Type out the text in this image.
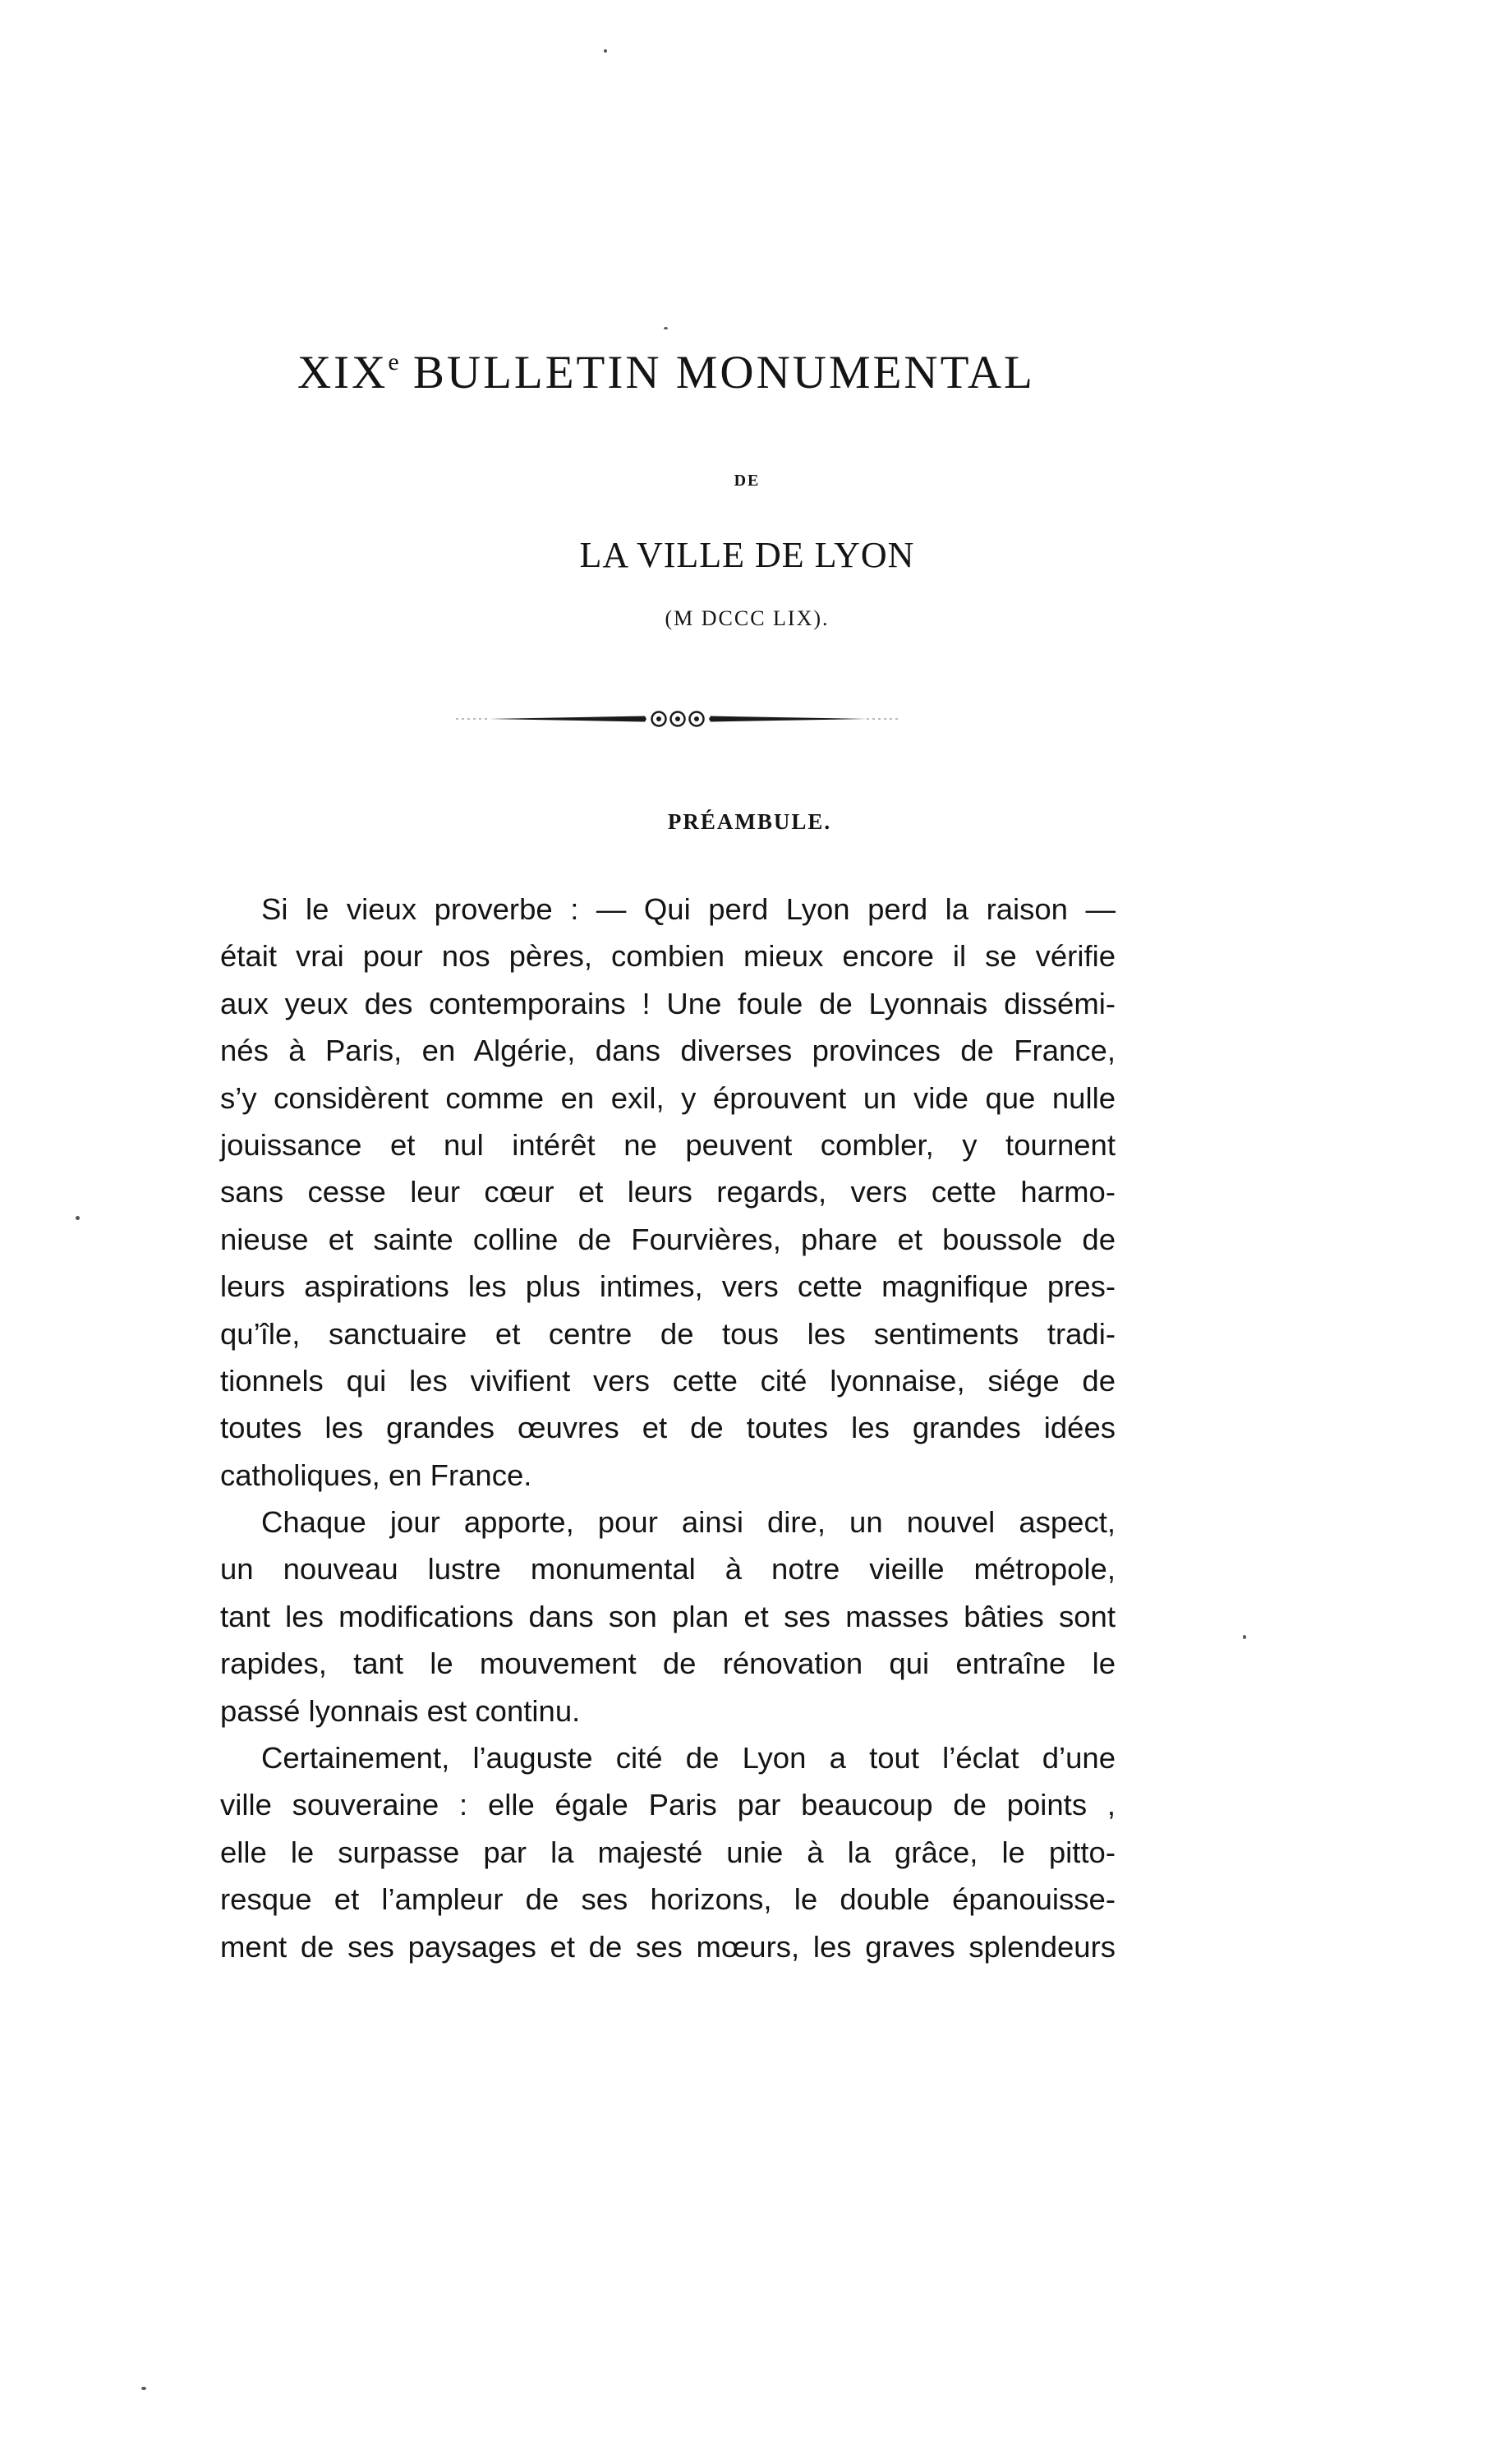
XIXe BULLETIN MONUMENTAL
DE
LA VILLE DE LYON
(M DCCC LIX).
PRÉAMBULE.
Si le vieux proverbe : — Qui perd Lyon perd la raison —
était vrai pour nos pères, combien mieux encore il se vérifie
aux yeux des contemporains ! Une foule de Lyonnais dissémi-
nés à Paris, en Algérie, dans diverses provinces de France,
s’y considèrent comme en exil, y éprouvent un vide que nulle
jouissance et nul intérêt ne peuvent combler, y tournent
sans cesse leur cœur et leurs regards, vers cette harmo-
nieuse et sainte colline de Fourvières, phare et boussole de
leurs aspirations les plus intimes, vers cette magnifique pres-
qu’île, sanctuaire et centre de tous les sentiments tradi-
tionnels qui les vivifient vers cette cité lyonnaise, siége de
toutes les grandes œuvres et de toutes les grandes idées
catholiques, en France.
Chaque jour apporte, pour ainsi dire, un nouvel aspect,
un nouveau lustre monumental à notre vieille métropole,
tant les modifications dans son plan et ses masses bâties sont
rapides, tant le mouvement de rénovation qui entraîne le
passé lyonnais est continu.
Certainement, l’auguste cité de Lyon a tout l’éclat d’une
ville souveraine : elle égale Paris par beaucoup de points ,
elle le surpasse par la majesté unie à la grâce, le pitto-
resque et l’ampleur de ses horizons, le double épanouisse-
ment de ses paysages et de ses mœurs, les graves splendeurs
